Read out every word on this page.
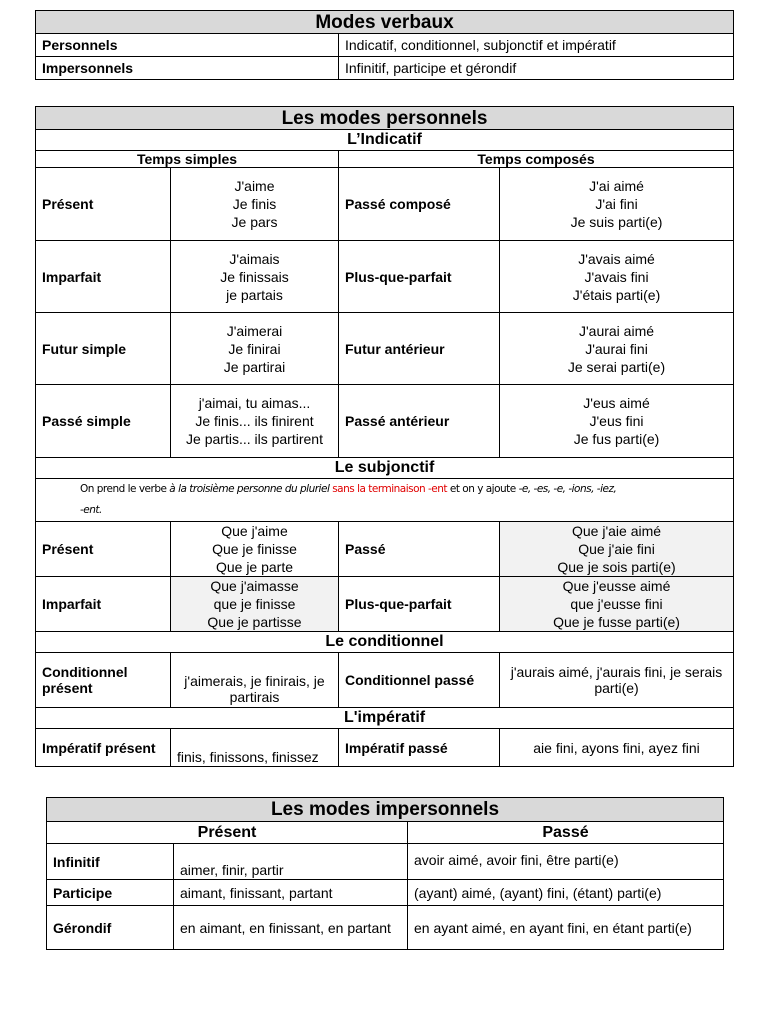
Modes verbaux	
Personnels	Indicatif, conditionnel, subjonctif et impératif
Impersonnels	Infinitif, participe et gérondif
Les modes personnels			
L’Indicatif			
Temps simples		Temps composés	
Présent	J'aime
Je finis
Je pars	Passé composé	J'ai aimé
J'ai fini
Je suis parti(e)

Imparfait	J'aimais
Je finissais
je partais	Plus-que-parfait	J'avais aimé
J'avais fini
J'étais parti(e)

Futur simple	J'aimerai
Je finirai
Je partirai	Futur antérieur	J'aurai aimé
J'aurai fini
Je serai parti(e)

Passé simple	j'aimai, tu aimas...
Je finis... ils finirent
Je partis... ils partirent	Passé antérieur	J'eus aimé
J'eus fini
Je fus parti(e)

Le subjonctif			
On prend le verbe à la troisième personne du pluriel sans la terminaison -ent et on y ajoute -e, -es, -e, -ions, -iez,
-ent.			
Présent	Que j'aime
Que je finisse
Que je parte	Passé	Que j'aie aimé
Que j'aie fini
Que je sois parti(e)

Imparfait	Que j'aimasse
que je finisse
Que je partisse	Plus-que-parfait	Que j'eusse aimé
que j'eusse fini
Que je fusse parti(e)

Le conditionnel			
Conditionnel présent	j'aimerais, je finirais, je partirais	Conditionnel passé	j'aurais aimé, j'aurais fini, je serais parti(e)
L'impératif			
Impératif présent	finis, finissons, finissez	Impératif passé	aie fini, ayons fini, ayez fini
Les modes impersonnels		
Présent		Passé
Infinitif	aimer, finir, partir	avoir aimé, avoir fini, être parti(e)
Participe	aimant, finissant, partant	(ayant) aimé, (ayant) fini, (étant) parti(e)
Gérondif	en aimant, en finissant, en partant	en ayant aimé, en ayant fini, en étant parti(e)
